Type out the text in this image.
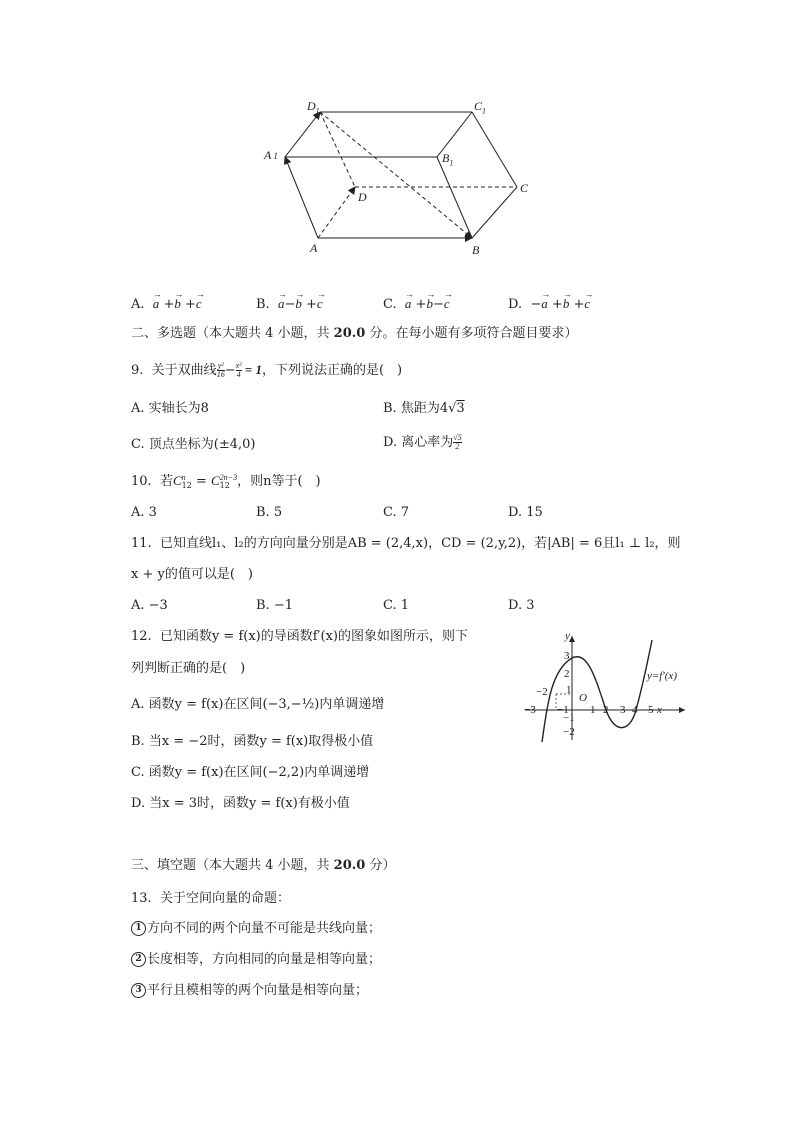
$D_1$	$C_1$
A 1	$B_1$
C
D
A	B
A. → a +→ b +→ c	B. → a−→ b +→ c	C. → a +→ b−→ c	D. −→ a +→ b +→ c
二、多选题（本大题共 4 小题，共 20.0 分。在每小题有多项符合题目要求）
9. 关于双曲线 $\frac{\text{y²}}{16} - \frac{\text{x²}}{4} = 1$，下列说法正确的是(　)
A. 实轴长为8	B. 焦距为4√3
C. 顶点坐标为(±4,0)	D. 离心率为 $\frac{√5}{2}$
10. 若C n
12 = C 2n−3
12 ，则n等于(　)
A. 3	B. 5	C. 7	D. 15
11. 已知直线l₁、l₂的方向向量分别是AB = (2,4,x)，CD = (2,y,2)，若|AB| = 6且l₁ ⊥ l₂，则
x + y的值可以是(　)
A. −3	B. −1	C. 1	D. 3
12. 已知函数y = f(x)的导函数f′(x)的图象如图所示，则下
列判断正确的是(　)
A. 函数y = f(x)在区间(−3,−½)内单调递增
B. 当x = −2时，函数y = f(x)取得极小值
C. 函数y = f(x)在区间(−2,2)内单调递增
D. 当x = 3时，函数y = f(x)有极小值
y
x
y=f′(x)
O
−3
−2
−1 1 2 3 4 5
3
2
1
−1
−2
三、填空题（本大题共 4 小题，共 20.0 分）
13. 关于空间向量的命题：
1 方向不同的两个向量不可能是共线向量；
2 长度相等，方向相同的向量是相等向量；
3 平行且模相等的两个向量是相等向量；
